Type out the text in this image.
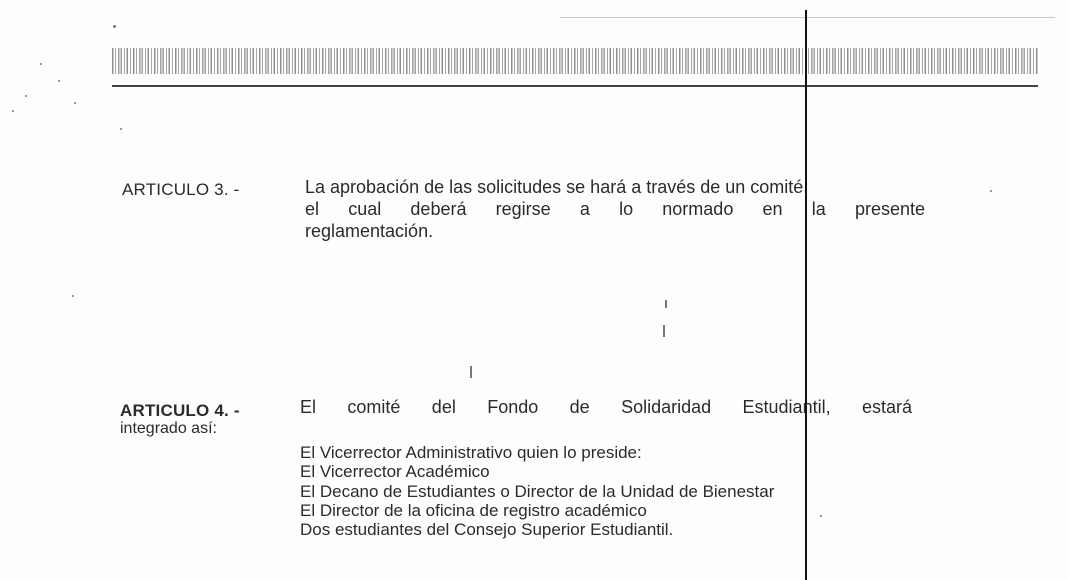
ARTICULO 3. -	La aprobación de las solicitudes se hará a través de un comité
el cual deberá regirse a lo normado en la presente
reglamentación.
ARTICULO 4. -	El comité del Fondo de Solidaridad Estudiantil, estará
integrado así:
El Vicerrector Administrativo quien lo preside:
El Vicerrector Académico
El Decano de Estudiantes o Director de la Unidad de Bienestar
El Director de la oficina de registro académico
Dos estudiantes del Consejo Superior Estudiantil.
